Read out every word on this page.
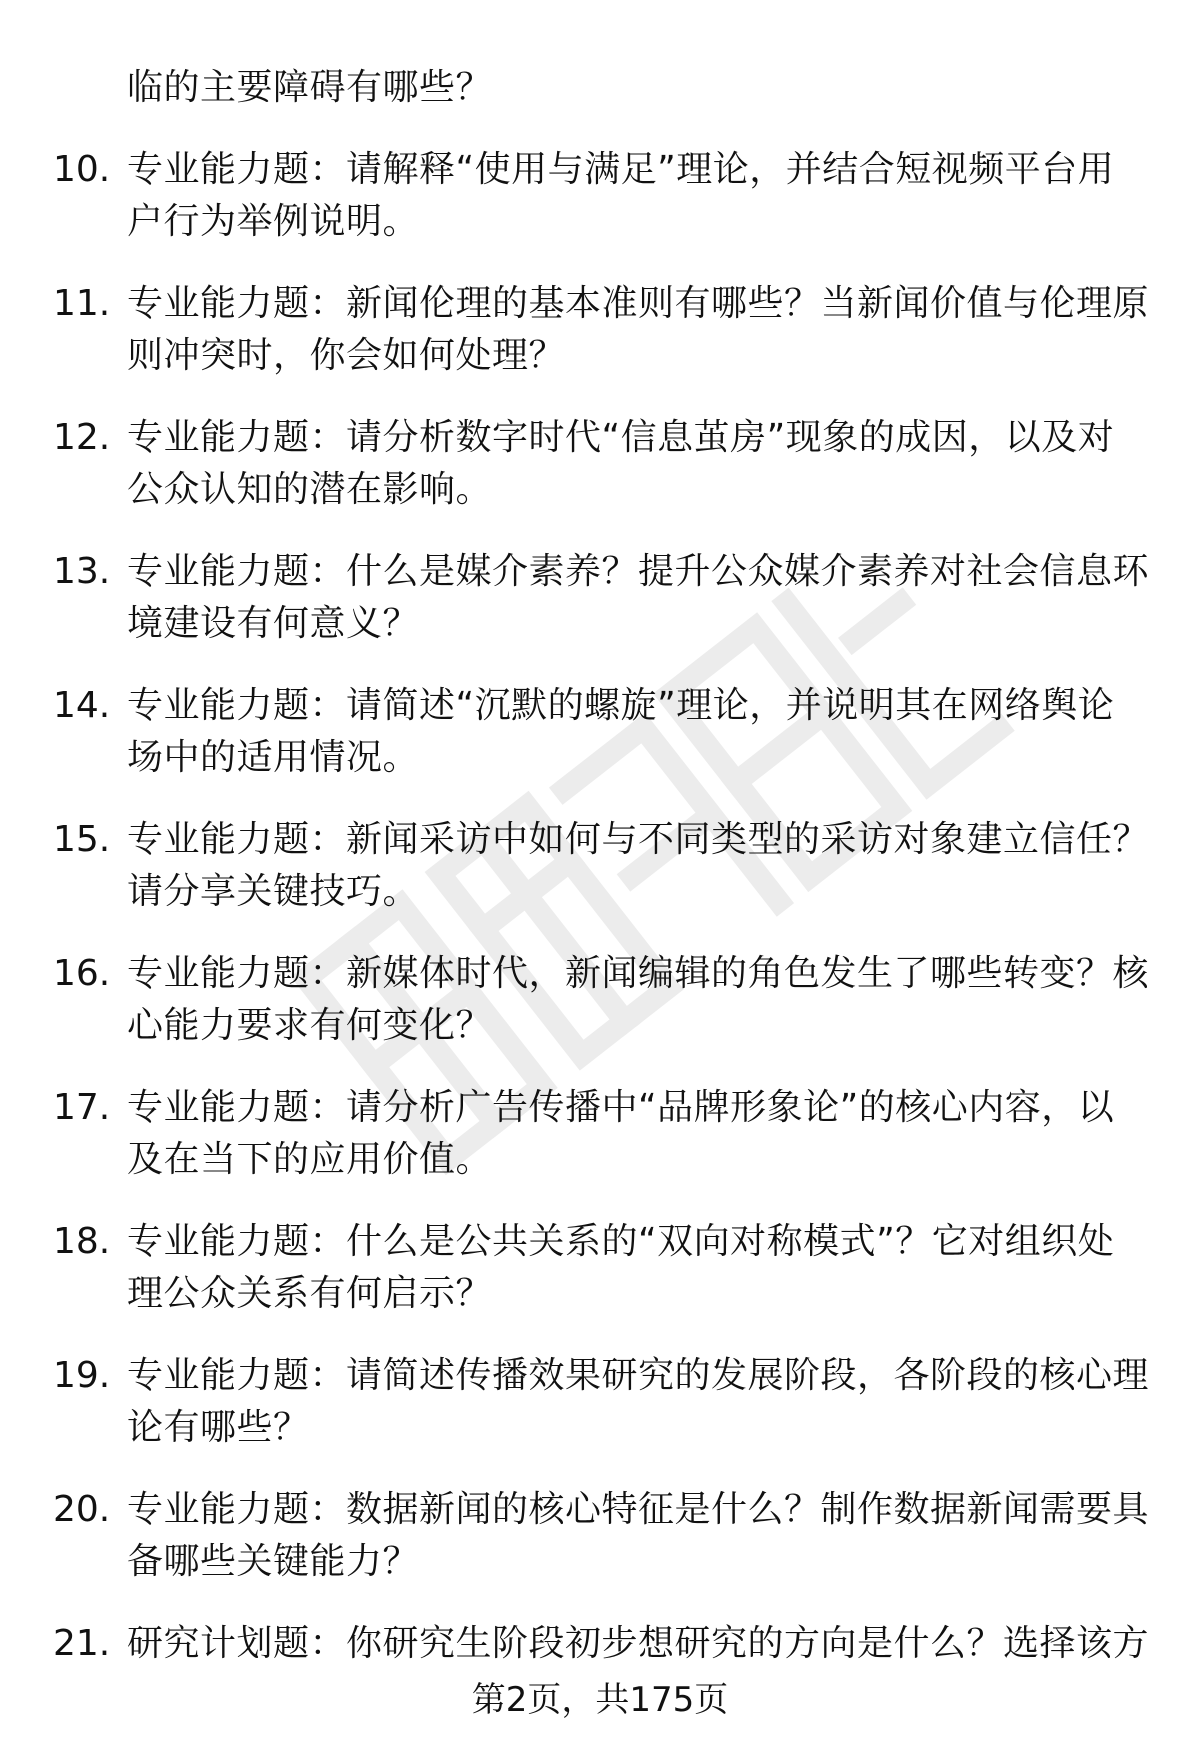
临的主要障碍有哪些？
10. 专业能力题：请解释“使用与满足”理论，并结合短视频平台用
户行为举例说明。
11. 专业能力题：新闻伦理的基本准则有哪些？当新闻价值与伦理原
则冲突时，你会如何处理？
12. 专业能力题：请分析数字时代“信息茧房”现象的成因，以及对
公众认知的潜在影响。
13. 专业能力题：什么是媒介素养？提升公众媒介素养对社会信息环
境建设有何意义？
14. 专业能力题：请简述“沉默的螺旋”理论，并说明其在网络舆论
场中的适用情况。
15. 专业能力题：新闻采访中如何与不同类型的采访对象建立信任？
请分享关键技巧。
16. 专业能力题：新媒体时代，新闻编辑的角色发生了哪些转变？核
心能力要求有何变化？
17. 专业能力题：请分析广告传播中“品牌形象论”的核心内容，以
及在当下的应用价值。
18. 专业能力题：什么是公共关系的“双向对称模式”？它对组织处
理公众关系有何启示？
19. 专业能力题：请简述传播效果研究的发展阶段，各阶段的核心理
论有哪些？
20. 专业能力题：数据新闻的核心特征是什么？制作数据新闻需要具
备哪些关键能力？
21. 研究计划题：你研究生阶段初步想研究的方向是什么？选择该方
第2页，共175页
